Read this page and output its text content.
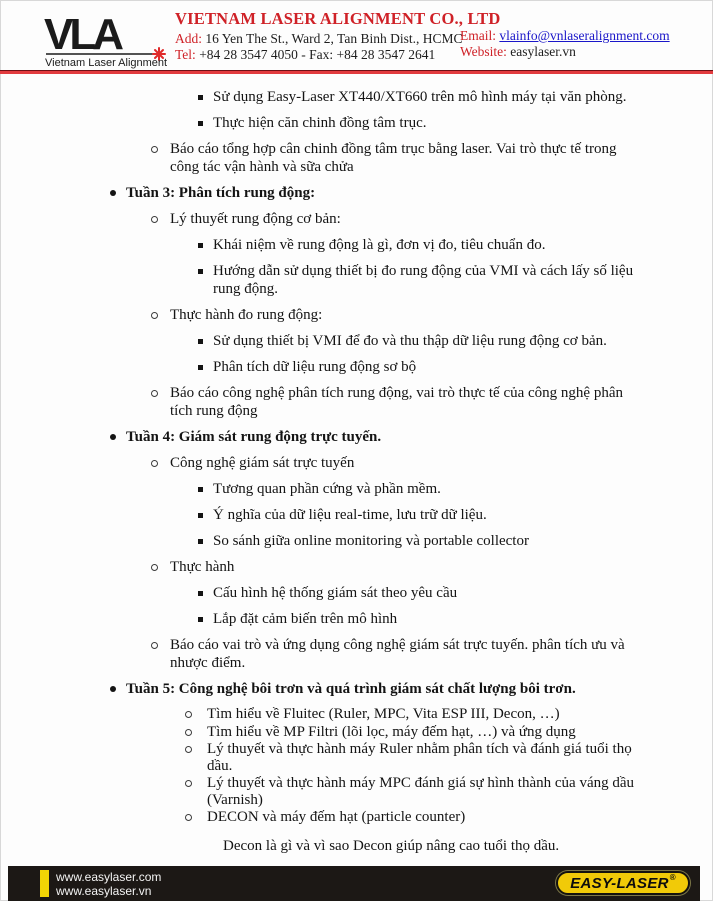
VLA
Vietnam Laser Alignment
VIETNAM LASER ALIGNMENT CO., LTD
Add: 16 Yen The St., Ward 2, Tan Binh Dist., HCMC
Tel: +84 28 3547 4050 - Fax: +84 28 3547 2641
Email: vlainfo@vnlaseralignment.com
Website: easylaser.vn
Sử dụng Easy-Laser XT440/XT660 trên mô hình máy tại văn phòng.
Thực hiện căn chinh đồng tâm trục.
Báo cáo tổng hợp cân chinh đồng tâm trục bằng laser. Vai trò thực tế trong công tác vận hành và sữa chửa
Tuần 3: Phân tích rung động:
Lý thuyết rung động cơ bản:
Khái niệm về rung động là gì, đơn vị đo, tiêu chuẩn đo.
Hướng dẫn sử dụng thiết bị đo rung động của VMI và cách lấy số liệu rung động.
Thực hành đo rung động:
Sử dụng thiết bị VMI để đo và thu thập dữ liệu rung động cơ bản.
Phân tích dữ liệu rung động sơ bộ
Báo cáo công nghệ phân tích rung động, vai trò thực tế của công nghệ phân tích rung động
Tuần 4: Giám sát rung động trực tuyến.
Công nghệ giám sát trực tuyến
Tương quan phần cứng và phần mềm.
Ý nghĩa của dữ liệu real-time, lưu trữ dữ liệu.
So sánh giữa online monitoring và portable collector
Thực hành
Cấu hình hệ thống giám sát theo yêu cầu
Lắp đặt cảm biến trên mô hình
Báo cáo vai trò và ứng dụng công nghệ giám sát trực tuyến. phân tích ưu và nhược điểm.
Tuần 5: Công nghệ bôi trơn và quá trình giám sát chất lượng bôi trơn.
Tìm hiểu về Fluitec (Ruler, MPC, Vita ESP III, Decon, …)
Tìm hiểu về MP Filtri (lõi lọc, máy đếm hạt, …) và ứng dụng
Lý thuyết và thực hành máy Ruler nhằm phân tích và đánh giá tuổi thọ dầu.
Lý thuyết và thực hành máy MPC đánh giá sự hình thành của váng dầu (Varnish)
DECON và máy đếm hạt (particle counter)
Decon là gì và vì sao Decon giúp nâng cao tuổi thọ dầu.
www.easylaser.com
www.easylaser.vn	EASY-LASER ®
